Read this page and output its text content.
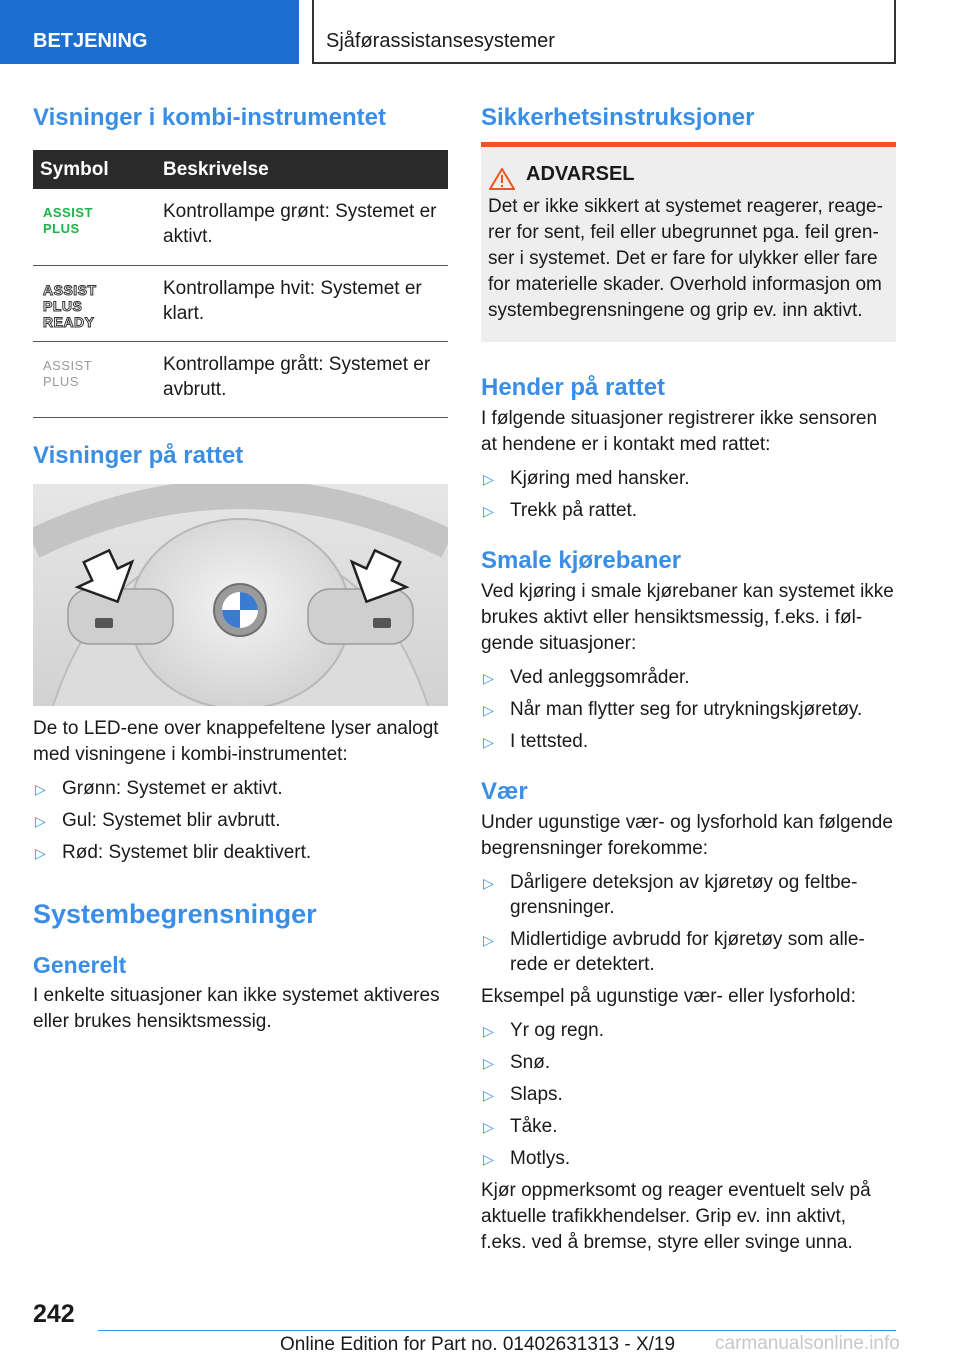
BETJENING	Sjåførassistansesystemer
Visninger i kombi-instrumentet
Symbol	Beskrivelse

ASSIST
PLUS	Kontrollampe grønt: Systemet er aktivt.

ASSIST
PLUS
READY	Kontrollampe hvit: Systemet er klart.

ASSIST
PLUS	Kontrollampe grått: Systemet er avbrutt.
Visninger på rattet

De to LED-ene over knappefeltene lyser analogt med visningene i kombi-instrumentet:

▷ Grønn: Systemet er aktivt.
▷ Gul: Systemet blir avbrutt.
▷ Rød: Systemet blir deaktivert.
Systembegrensninger
Generelt

I enkelte situasjoner kan ikke systemet aktiveres eller brukes hensiktsmessig.

Sikkerhetsinstruksjoner
ADVARSEL

Det er ikke sikkert at systemet reagerer, reage-rer for sent, feil eller ubegrunnet pga. feil gren-ser i systemet. Det er fare for ulykker eller fare for materielle skader. Overhold informasjon om systembegrensningene og grip ev. inn aktivt.

Hender på rattet

I følgende situasjoner registrerer ikke sensoren at hendene er i kontakt med rattet:

▷ Kjøring med hansker.
▷ Trekk på rattet.
Smale kjørebaner

Ved kjøring i smale kjørebaner kan systemet ikke brukes aktivt eller hensiktsmessig, f.eks. i føl-gende situasjoner:

▷ Ved anleggsområder.
▷ Når man flytter seg for utrykningskjøretøy.
▷ I tettsted.
Vær

Under ugunstige vær- og lysforhold kan følgende begrensninger forekomme:

▷ Dårligere deteksjon av kjøretøy og feltbe-grensninger.
▷ Midlertidige avbrudd for kjøretøy som alle-rede er detektert.

Eksempel på ugunstige vær- eller lysforhold:

▷ Yr og regn.
▷ Snø.
▷ Slaps.
▷ Tåke.
▷ Motlys.

Kjør oppmerksomt og reager eventuelt selv på aktuelle trafikkhendelser. Grip ev. inn aktivt, f.eks. ved å bremse, styre eller svinge unna.

242
Online Edition for Part no. 01402631313 - X/19 carmanualsonline.info
